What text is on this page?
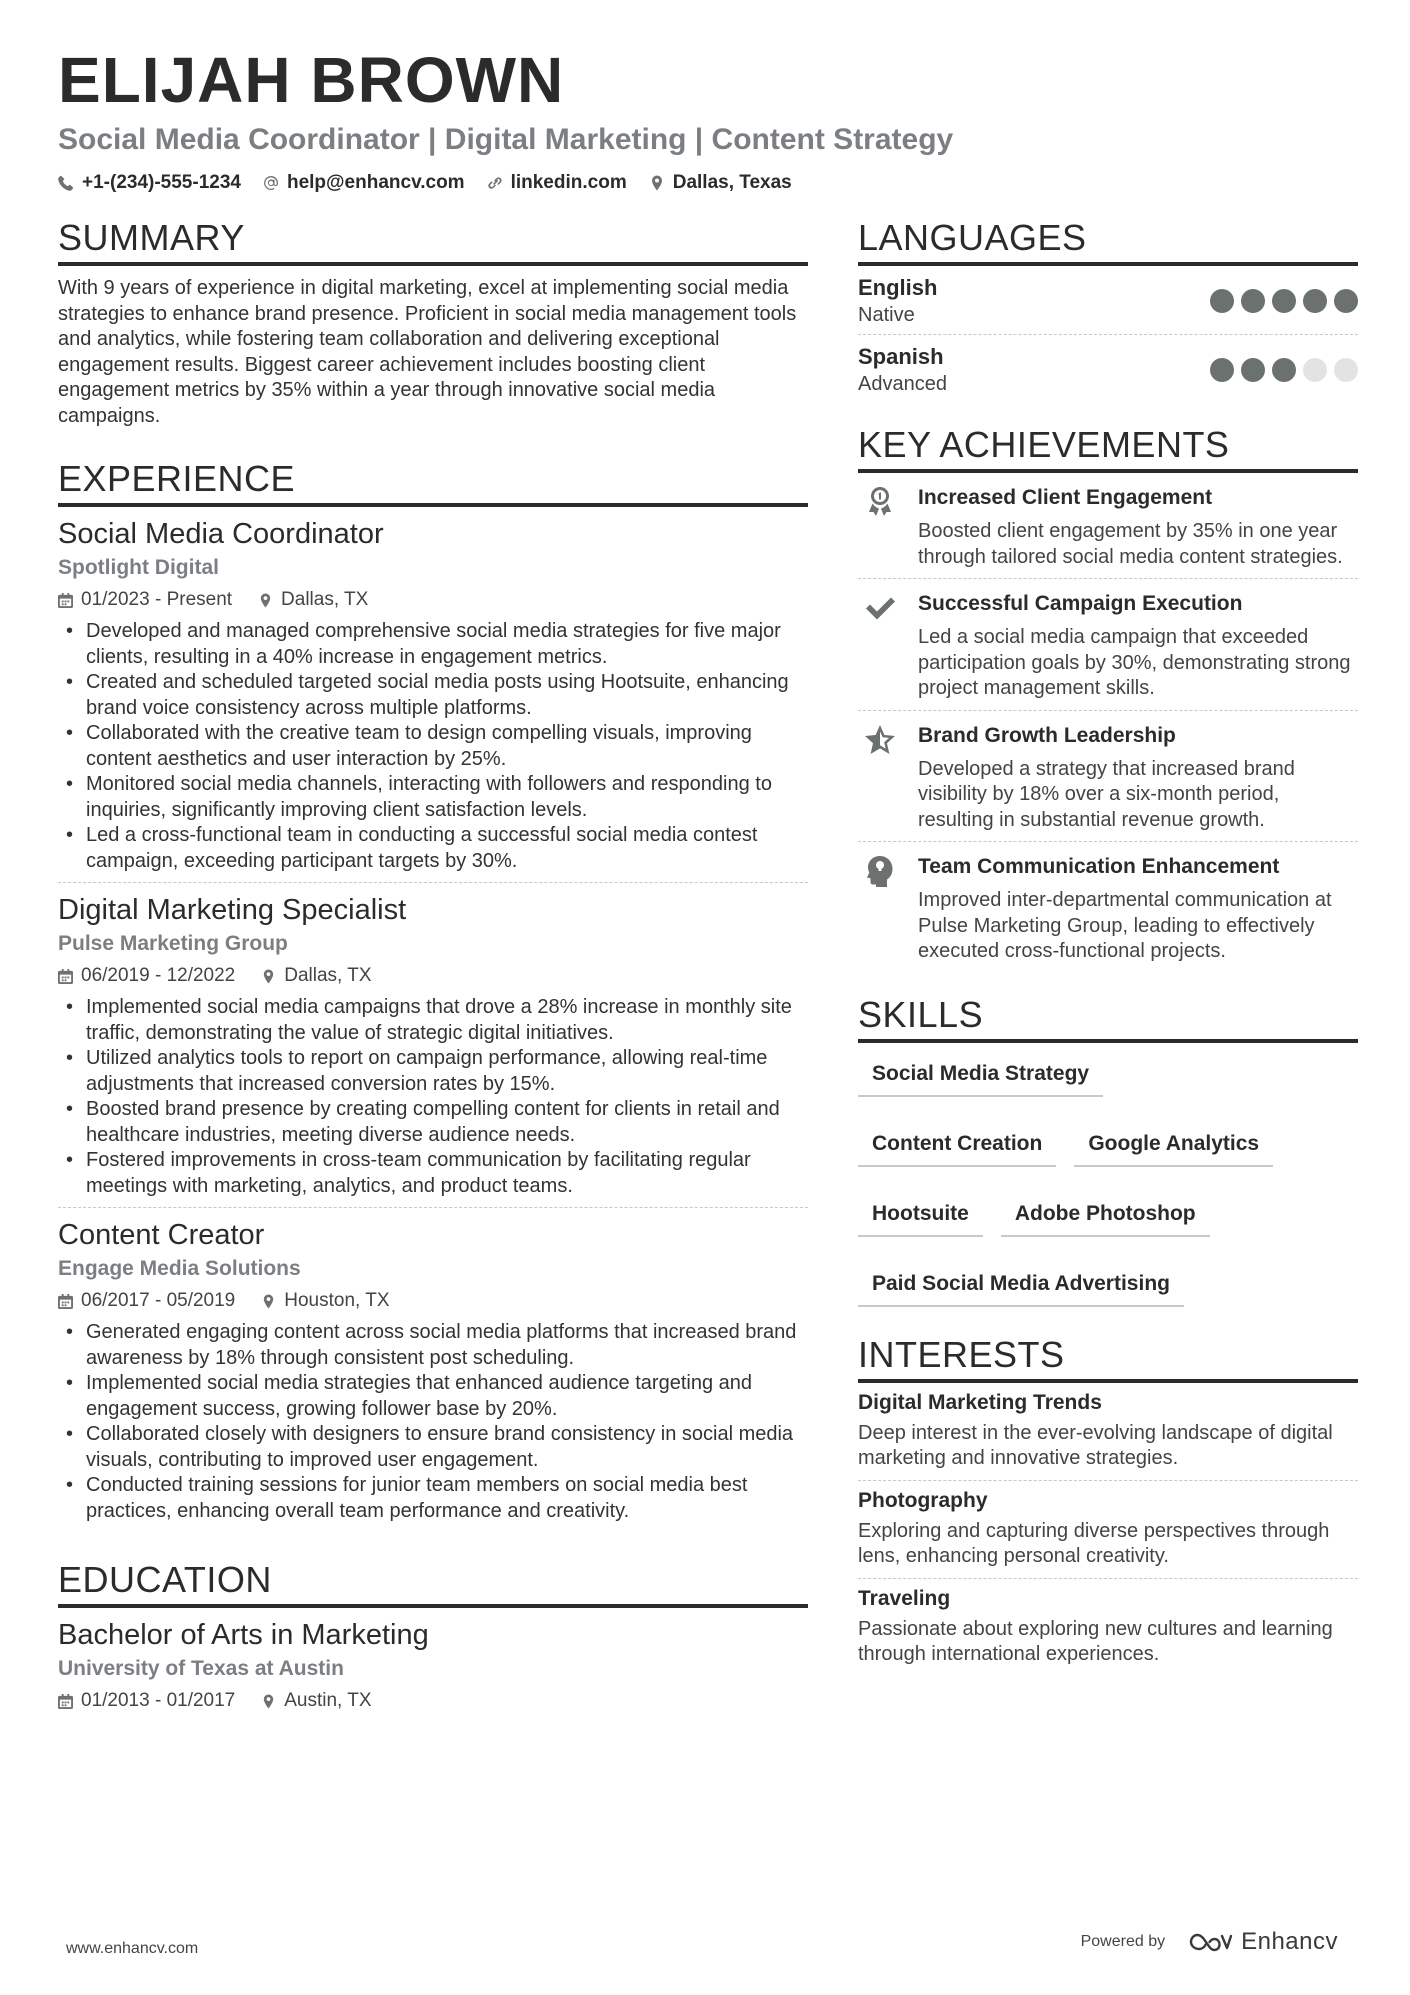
ELIJAH BROWN
Social Media Coordinator | Digital Marketing | Content Strategy
+1-(234)-555-1234 help@enhancv.com linkedin.com Dallas, Texas
SUMMARY

With 9 years of experience in digital marketing, excel at implementing social media strategies to enhance brand presence. Proficient in social media management tools and analytics, while fostering team collaboration and delivering exceptional engagement results. Biggest career achievement includes boosting client engagement metrics by 35% within a year through innovative social media campaigns.

EXPERIENCE
Social Media Coordinator
Spotlight Digital
01/2023 - Present	Dallas, TX
• Developed and managed comprehensive social media strategies for five major clients, resulting in a 40% increase in engagement metrics.
• Created and scheduled targeted social media posts using Hootsuite, enhancing brand voice consistency across multiple platforms.
• Collaborated with the creative team to design compelling visuals, improving content aesthetics and user interaction by 25%.
• Monitored social media channels, interacting with followers and responding to inquiries, significantly improving client satisfaction levels.
• Led a cross-functional team in conducting a successful social media contest campaign, exceeding participant targets by 30%.
Digital Marketing Specialist
Pulse Marketing Group
06/2019 - 12/2022	Dallas, TX
• Implemented social media campaigns that drove a 28% increase in monthly site traffic, demonstrating the value of strategic digital initiatives.
• Utilized analytics tools to report on campaign performance, allowing real-time adjustments that increased conversion rates by 15%.
• Boosted brand presence by creating compelling content for clients in retail and healthcare industries, meeting diverse audience needs.
• Fostered improvements in cross-team communication by facilitating regular meetings with marketing, analytics, and product teams.
Content Creator
Engage Media Solutions
06/2017 - 05/2019	Houston, TX
• Generated engaging content across social media platforms that increased brand awareness by 18% through consistent post scheduling.
• Implemented social media strategies that enhanced audience targeting and engagement success, growing follower base by 20%.
• Collaborated closely with designers to ensure brand consistency in social media visuals, contributing to improved user engagement.
• Conducted training sessions for junior team members on social media best practices, enhancing overall team performance and creativity.
EDUCATION
Bachelor of Arts in Marketing
University of Texas at Austin
01/2013 - 01/2017	Austin, TX
LANGUAGES
English
Native
Spanish
Advanced
KEY ACHIEVEMENTS
Increased Client Engagement
Boosted client engagement by 35% in one year through tailored social media content strategies.
Successful Campaign Execution
Led a social media campaign that exceeded participation goals by 30%, demonstrating strong project management skills.
Brand Growth Leadership
Developed a strategy that increased brand visibility by 18% over a six-month period, resulting in substantial revenue growth.
Team Communication Enhancement
Improved inter-departmental communication at Pulse Marketing Group, leading to effectively executed cross-functional projects.
SKILLS
Social Media Strategy
Content Creation	Google Analytics
Hootsuite	Adobe Photoshop
Paid Social Media Advertising
INTERESTS
Digital Marketing Trends
Deep interest in the ever-evolving landscape of digital marketing and innovative strategies.
Photography
Exploring and capturing diverse perspectives through lens, enhancing personal creativity.
Traveling
Passionate about exploring new cultures and learning through international experiences.
www.enhancv.com	Powered by	Enhancv
